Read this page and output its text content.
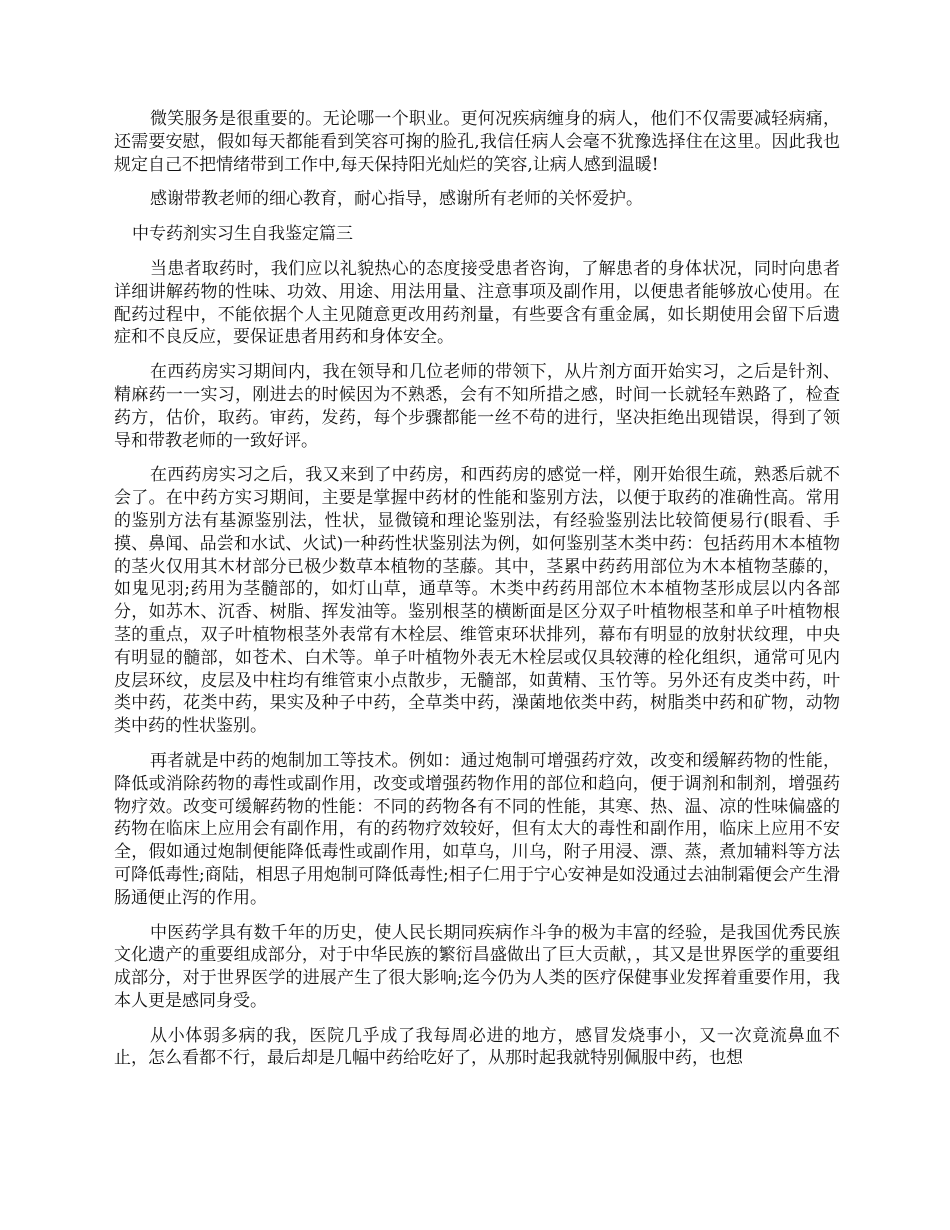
微笑服务是很重要的。无论哪一个职业。更何况疾病缠身的病人，他们不仅需要减轻病痛，还需要安慰，假如每天都能看到笑容可掬的脸孔,我信任病人会毫不犹豫选择住在这里。因此我也规定自己不把情绪带到工作中,每天保持阳光灿烂的笑容,让病人感到温暖!

感谢带教老师的细心教育，耐心指导，感谢所有老师的关怀爱护。

中专药剂实习生自我鉴定篇三

当患者取药时，我们应以礼貌热心的态度接受患者咨询，了解患者的身体状况，同时向患者详细讲解药物的性味、功效、用途、用法用量、注意事项及副作用，以便患者能够放心使用。在配药过程中，不能依据个人主见随意更改用药剂量，有些要含有重金属，如长期使用会留下后遗症和不良反应，要保证患者用药和身体安全。

在西药房实习期间内，我在领导和几位老师的带领下，从片剂方面开始实习，之后是针剂、精麻药一一实习，刚进去的时候因为不熟悉，会有不知所措之感，时间一长就轻车熟路了，检查药方，估价，取药。审药，发药，每个步骤都能一丝不苟的进行，坚决拒绝出现错误，得到了领导和带教老师的一致好评。

在西药房实习之后，我又来到了中药房，和西药房的感觉一样，刚开始很生疏，熟悉后就不会了。在中药方实习期间，主要是掌握中药材的性能和鉴别方法，以便于取药的准确性高。常用的鉴别方法有基源鉴别法，性状，显微镜和理论鉴别法，有经验鉴别法比较简便易行(眼看、手摸、鼻闻、品尝和水试、火试)一种药性状鉴别法为例，如何鉴别茎木类中药：包括药用木本植物的茎火仅用其木材部分已极少数草本植物的茎藤。其中，茎累中药药用部位为木本植物茎藤的，如鬼见羽;药用为茎髓部的，如灯山草，通草等。木类中药药用部位木本植物茎形成层以内各部分，如苏木、沉香、树脂、挥发油等。鉴别根茎的横断面是区分双子叶植物根茎和单子叶植物根茎的重点，双子叶植物根茎外表常有木栓层、维管束环状排列，幕布有明显的放射状纹理，中央有明显的髓部，如苍术、白术等。单子叶植物外表无木栓层或仅具较薄的栓化组织，通常可见内皮层环纹，皮层及中柱均有维管束小点散步，无髓部，如黄精、玉竹等。另外还有皮类中药，叶类中药，花类中药，果实及种子中药，全草类中药，澡菌地依类中药，树脂类中药和矿物，动物类中药的性状鉴别。

再者就是中药的炮制加工等技术。例如：通过炮制可增强药疗效，改变和缓解药物的性能，降低或消除药物的毒性或副作用，改变或增强药物作用的部位和趋向，便于调剂和制剂，增强药物疗效。改变可缓解药物的性能：不同的药物各有不同的性能，其寒、热、温、凉的性味偏盛的药物在临床上应用会有副作用，有的药物疗效较好，但有太大的毒性和副作用，临床上应用不安全，假如通过炮制便能降低毒性或副作用，如草乌，川乌，附子用浸、漂、蒸，煮加辅料等方法可降低毒性;商陆，相思子用炮制可降低毒性;相子仁用于宁心安神是如没通过去油制霜便会产生滑肠通便止泻的作用。

中医药学具有数千年的历史，使人民长期同疾病作斗争的极为丰富的经验，是我国优秀民族文化遗产的重要组成部分，对于中华民族的繁衍昌盛做出了巨大贡献，，其又是世界医学的重要组成部分，对于世界医学的进展产生了很大影响;迄今仍为人类的医疗保健事业发挥着重要作用，我本人更是感同身受。

从小体弱多病的我，医院几乎成了我每周必进的地方，感冒发烧事小，又一次竟流鼻血不止，怎么看都不行，最后却是几幅中药给吃好了，从那时起我就特别佩服中药，也想
